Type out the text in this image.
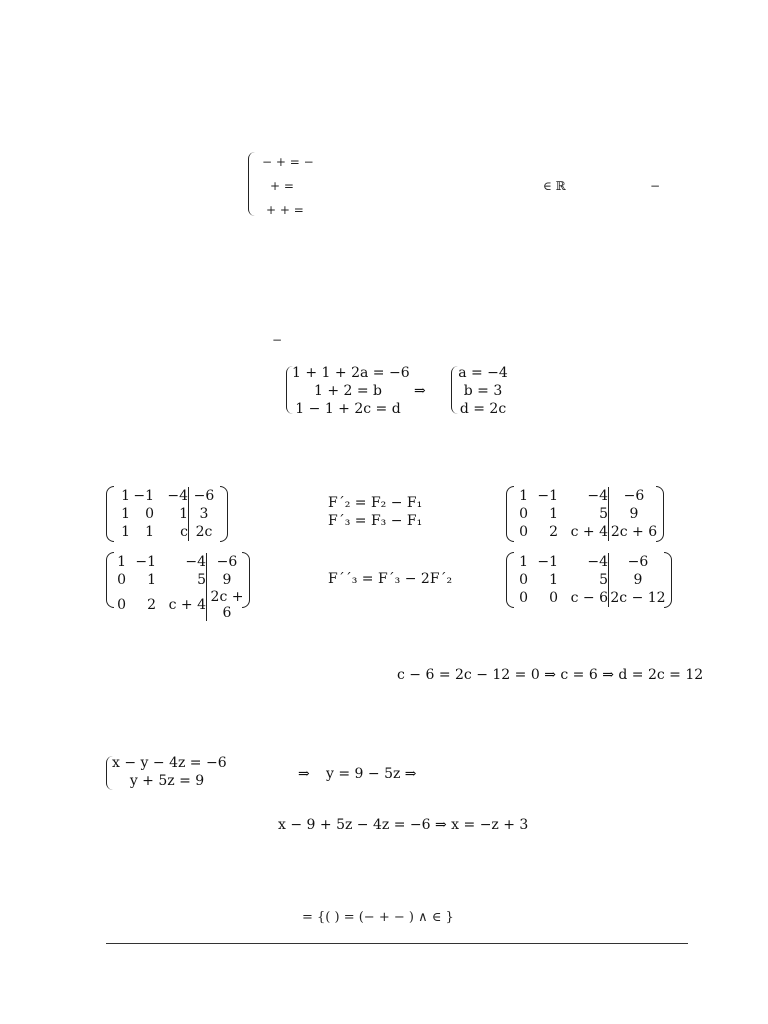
− + = −
+ =
+ + =
∈ ℝ	−
−
1 + 1 + 2a = −6
1 + 2 = b
1 − 1 + 2c = d
⇒
a = −4
b = 3
d = 2c
1	−1	−4	−6
1	0	1	3
1	1	c	2c
F´₂ = F₂ − F₁
F´₃ = F₃ − F₁
1	−1	−4	−6
0	1	5	9
0	2	c + 4	2c + 6
1	−1	−4	−6
0	1	5	9
0	2	c + 4	2c + 6
F´´₃ = F´₃ − 2F´₂
1	−1	−4	−6
0	1	5	9
0	0	c − 6	2c − 12
c − 6 = 2c − 12 = 0 ⇒ c = 6 ⇒ d = 2c = 12
x − y − 4z = −6
y + 5z = 9	⇒ y = 9 − 5z ⇒
x − 9 + 5z − 4z = −6 ⇒ x = −z + 3
= {( ) = (− + − ) ∧ ∈ }
